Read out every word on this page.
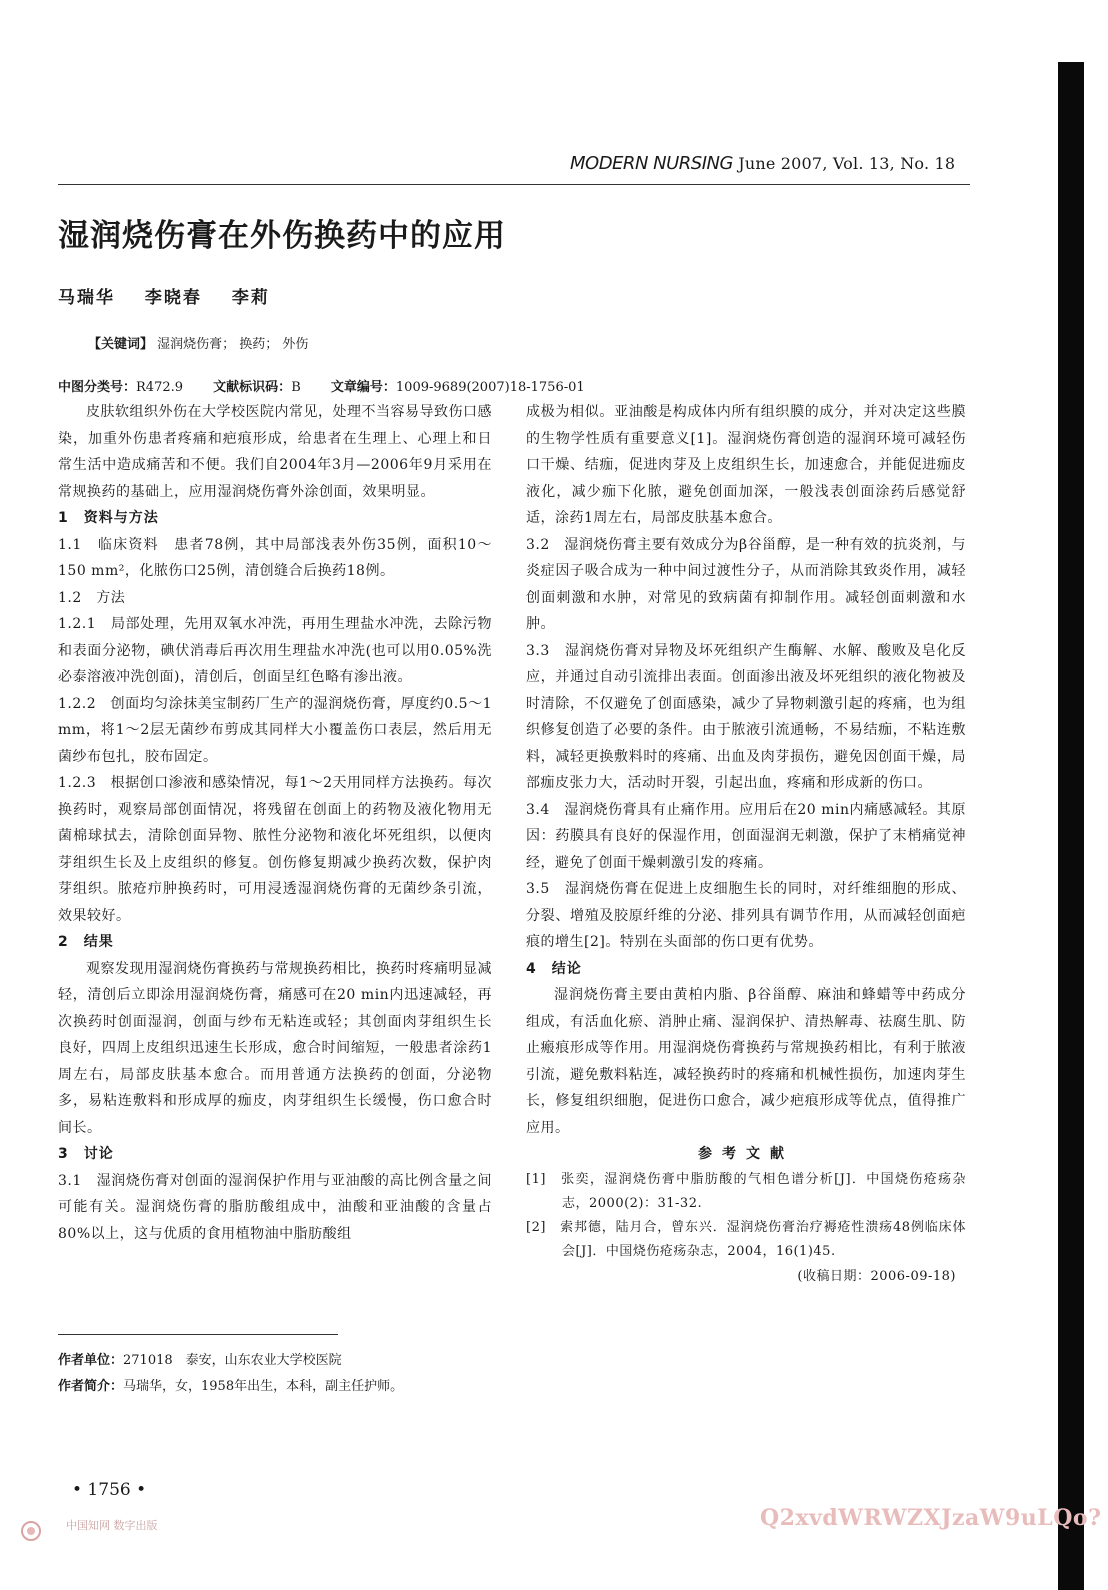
MODERN NURSING June 2007, Vol. 13, No. 18
湿润烧伤膏在外伤换药中的应用
马瑞华 李晓春 李莉
【关键词】 湿润烧伤膏； 换药； 外伤
中图分类号：R472.9 文献标识码：B 文章编号：1009-9689(2007)18-1756-01

皮肤软组织外伤在大学校医院内常见，处理不当容易导致伤口感染，加重外伤患者疼痛和疤痕形成，给患者在生理上、心理上和日常生活中造成痛苦和不便。我们自2004年3月—2006年9月采用在常规换药的基础上，应用湿润烧伤膏外涂创面，效果明显。

1　资料与方法

1.1　临床资料　患者78例，其中局部浅表外伤35例，面积10～150 mm²，化脓伤口25例，清创缝合后换药18例。

1.2　方法

1.2.1　局部处理，先用双氧水冲洗，再用生理盐水冲洗，去除污物和表面分泌物，碘伏消毒后再次用生理盐水冲洗(也可以用0.05%洗必泰溶液冲洗创面)，清创后，创面呈红色略有渗出液。

1.2.2　创面均匀涂抹美宝制药厂生产的湿润烧伤膏，厚度约0.5～1 mm，将1～2层无菌纱布剪成其同样大小覆盖伤口表层，然后用无菌纱布包扎，胶布固定。

1.2.3　根据创口渗液和感染情况，每1～2天用同样方法换药。每次换药时，观察局部创面情况，将残留在创面上的药物及液化物用无菌棉球拭去，清除创面异物、脓性分泌物和液化坏死组织，以便肉芽组织生长及上皮组织的修复。创伤修复期减少换药次数，保护肉芽组织。脓疮疖肿换药时，可用浸透湿润烧伤膏的无菌纱条引流，效果较好。

2　结果

观察发现用湿润烧伤膏换药与常规换药相比，换药时疼痛明显减轻，清创后立即涂用湿润烧伤膏，痛感可在20 min内迅速减轻，再次换药时创面湿润，创面与纱布无粘连或轻；其创面肉芽组织生长良好，四周上皮组织迅速生长形成，愈合时间缩短，一般患者涂药1周左右，局部皮肤基本愈合。而用普通方法换药的创面，分泌物多，易粘连敷料和形成厚的痂皮，肉芽组织生长缓慢，伤口愈合时间长。

3　讨论

3.1　湿润烧伤膏对创面的湿润保护作用与亚油酸的高比例含量之间可能有关。湿润烧伤膏的脂肪酸组成中，油酸和亚油酸的含量占80%以上，这与优质的食用植物油中脂肪酸组

成极为相似。亚油酸是构成体内所有组织膜的成分，并对决定这些膜的生物学性质有重要意义[1]。湿润烧伤膏创造的湿润环境可减轻伤口干燥、结痂，促进肉芽及上皮组织生长，加速愈合，并能促进痂皮液化，减少痂下化脓，避免创面加深，一般浅表创面涂药后感觉舒适，涂药1周左右，局部皮肤基本愈合。

3.2　湿润烧伤膏主要有效成分为β谷甾醇，是一种有效的抗炎剂，与炎症因子吸合成为一种中间过渡性分子，从而消除其致炎作用，减轻创面刺激和水肿，对常见的致病菌有抑制作用。减轻创面刺激和水肿。

3.3　湿润烧伤膏对异物及坏死组织产生酶解、水解、酸败及皂化反应，并通过自动引流排出表面。创面渗出液及坏死组织的液化物被及时清除，不仅避免了创面感染，减少了异物刺激引起的疼痛，也为组织修复创造了必要的条件。由于脓液引流通畅，不易结痂，不粘连敷料，减轻更换敷料时的疼痛、出血及肉芽损伤，避免因创面干燥，局部痂皮张力大，活动时开裂，引起出血，疼痛和形成新的伤口。

3.4　湿润烧伤膏具有止痛作用。应用后在20 min内痛感减轻。其原因：药膜具有良好的保湿作用，创面湿润无刺激，保护了末梢痛觉神经，避免了创面干燥刺激引发的疼痛。

3.5　湿润烧伤膏在促进上皮细胞生长的同时，对纤维细胞的形成、分裂、增殖及胶原纤维的分泌、排列具有调节作用，从而减轻创面疤痕的增生[2]。特别在头面部的伤口更有优势。

4　结论

湿润烧伤膏主要由黄柏内脂、β谷甾醇、麻油和蜂蜡等中药成分组成，有活血化瘀、消肿止痛、湿润保护、清热解毒、祛腐生肌、防止瘢痕形成等作用。用湿润烧伤膏换药与常规换药相比，有利于脓液引流，避免敷料粘连，减轻换药时的疼痛和机械性损伤，加速肉芽生长，修复组织细胞，促进伤口愈合，减少疤痕形成等优点，值得推广应用。

参考文献

[1]　张奕，湿润烧伤膏中脂肪酸的气相色谱分析[J]．中国烧伤疮疡杂志，2000(2)：31-32.

[2]　索邦德，陆月合，曾东兴．湿润烧伤膏治疗褥疮性溃疡48例临床体会[J]．中国烧伤疮疡杂志，2004，16(1)45.

(收稿日期：2006-09-18)

作者单位：271018　泰安，山东农业大学校医院
作者简介：马瑞华，女，1958年出生，本科，副主任护师。
• 1756 •
中国知网 数字出版	Q2xvdWRWZXJzaW9uLQo?
